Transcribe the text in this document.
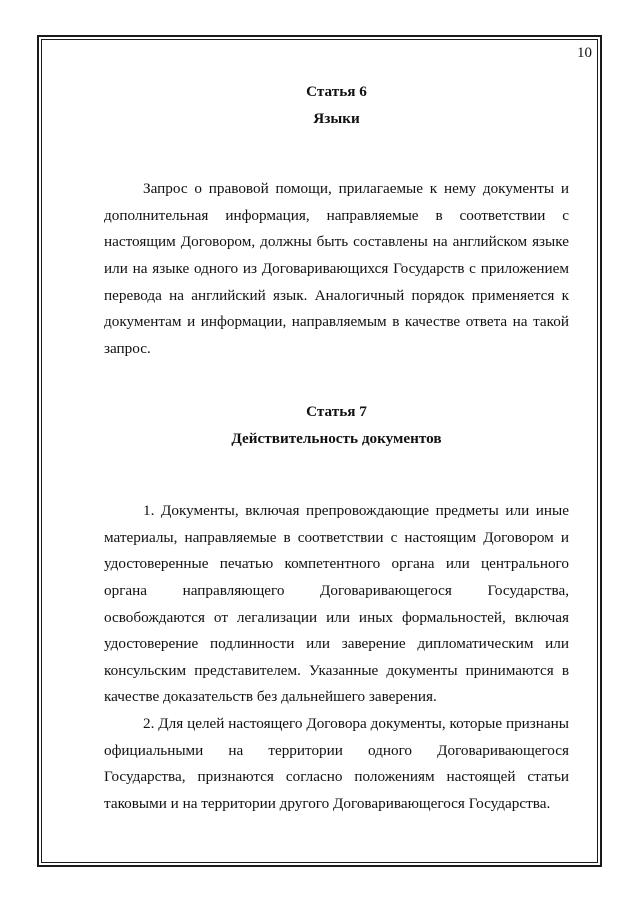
10

Статья 6

Языки

Запрос о правовой помощи, прилагаемые к нему документы и дополнительная информация, направляемые в соответствии с настоящим Договором, должны быть составлены на английском языке или на языке одного из Договаривающихся Государств с приложением перевода на английский язык. Аналогичный порядок применяется к документам и информации, направляемым в качестве ответа на такой запрос.

Статья 7

Действительность документов

1. Документы, включая препровождающие предметы или иные материалы, направляемые в соответствии с настоящим Договором и удостоверенные печатью компетентного органа или центрального органа направляющего Договаривающегося Государства, освобождаются от легализации или иных формальностей, включая удостоверение подлинности или заверение дипломатическим или консульским представителем. Указанные документы принимаются в качестве доказательств без дальнейшего заверения.

2. Для целей настоящего Договора документы, которые признаны официальными на территории одного Договаривающегося Государства, признаются согласно положениям настоящей статьи таковыми и на территории другого Договаривающегося Государства.
